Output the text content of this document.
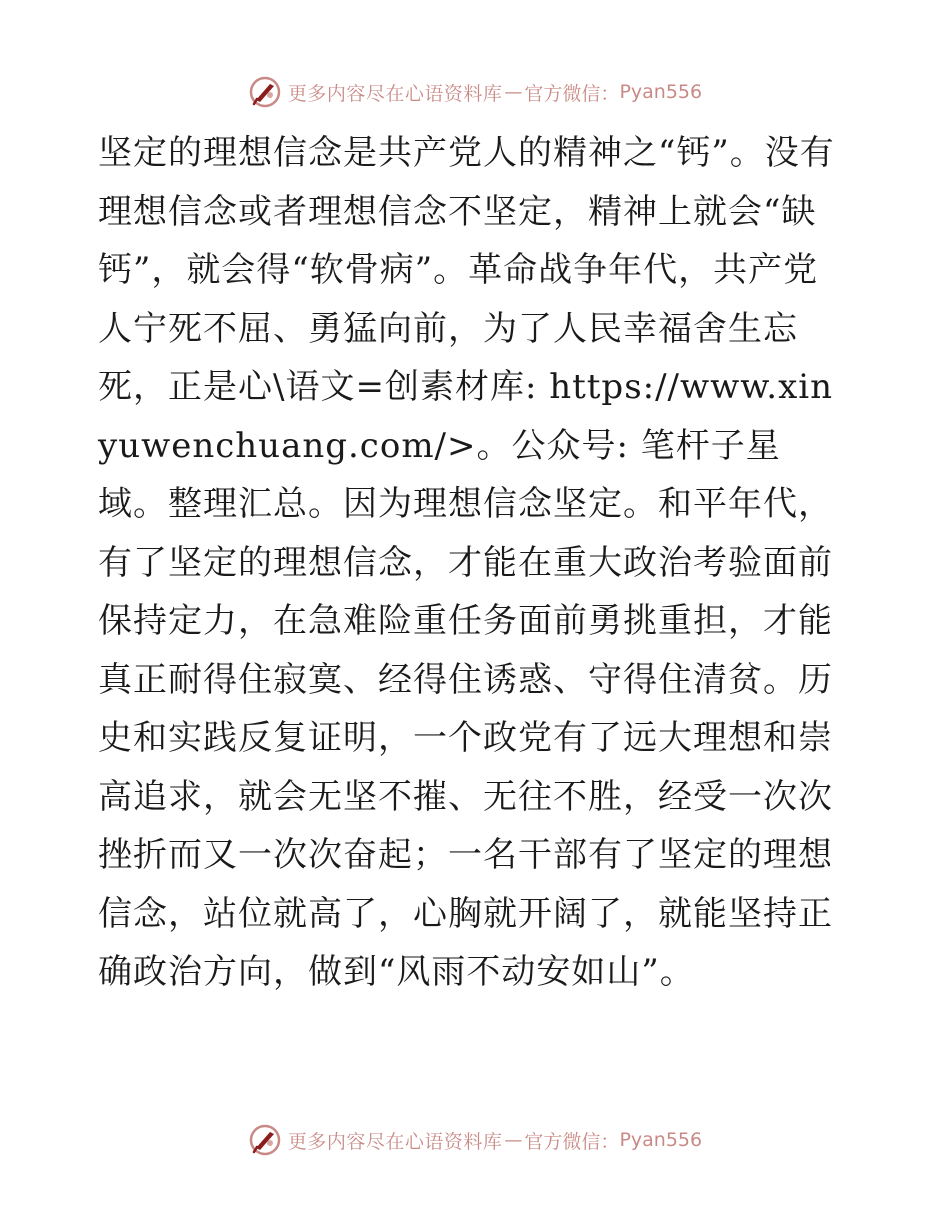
更多内容尽在心语资料库 — 官方微信： Pyan556
坚定的理想信念是共产党人的精神之“钙”。没有理想信念或者理想信念不坚定，精神上就会“缺钙”，就会得“软骨病”。革命战争年代，共产党人宁死不屈、勇猛向前，为了人民幸福舍生忘死，正是心\语文=创素材库: https://www.xinyuwenchuang.com/>。公众号: 笔杆子星域。整理汇总。因为理想信念坚定。和平年代，有了坚定的理想信念，才能在重大政治考验面前保持定力，在急难险重任务面前勇挑重担，才能真正耐得住寂寞、经得住诱惑、守得住清贫。历史和实践反复证明，一个政党有了远大理想和崇高追求，就会无坚不摧、无往不胜，经受一次次挫折而又一次次奋起；一名干部有了坚定的理想信念，站位就高了，心胸就开阔了，就能坚持正确政治方向，做到“风雨不动安如山”。
更多内容尽在心语资料库 — 官方微信： Pyan556
